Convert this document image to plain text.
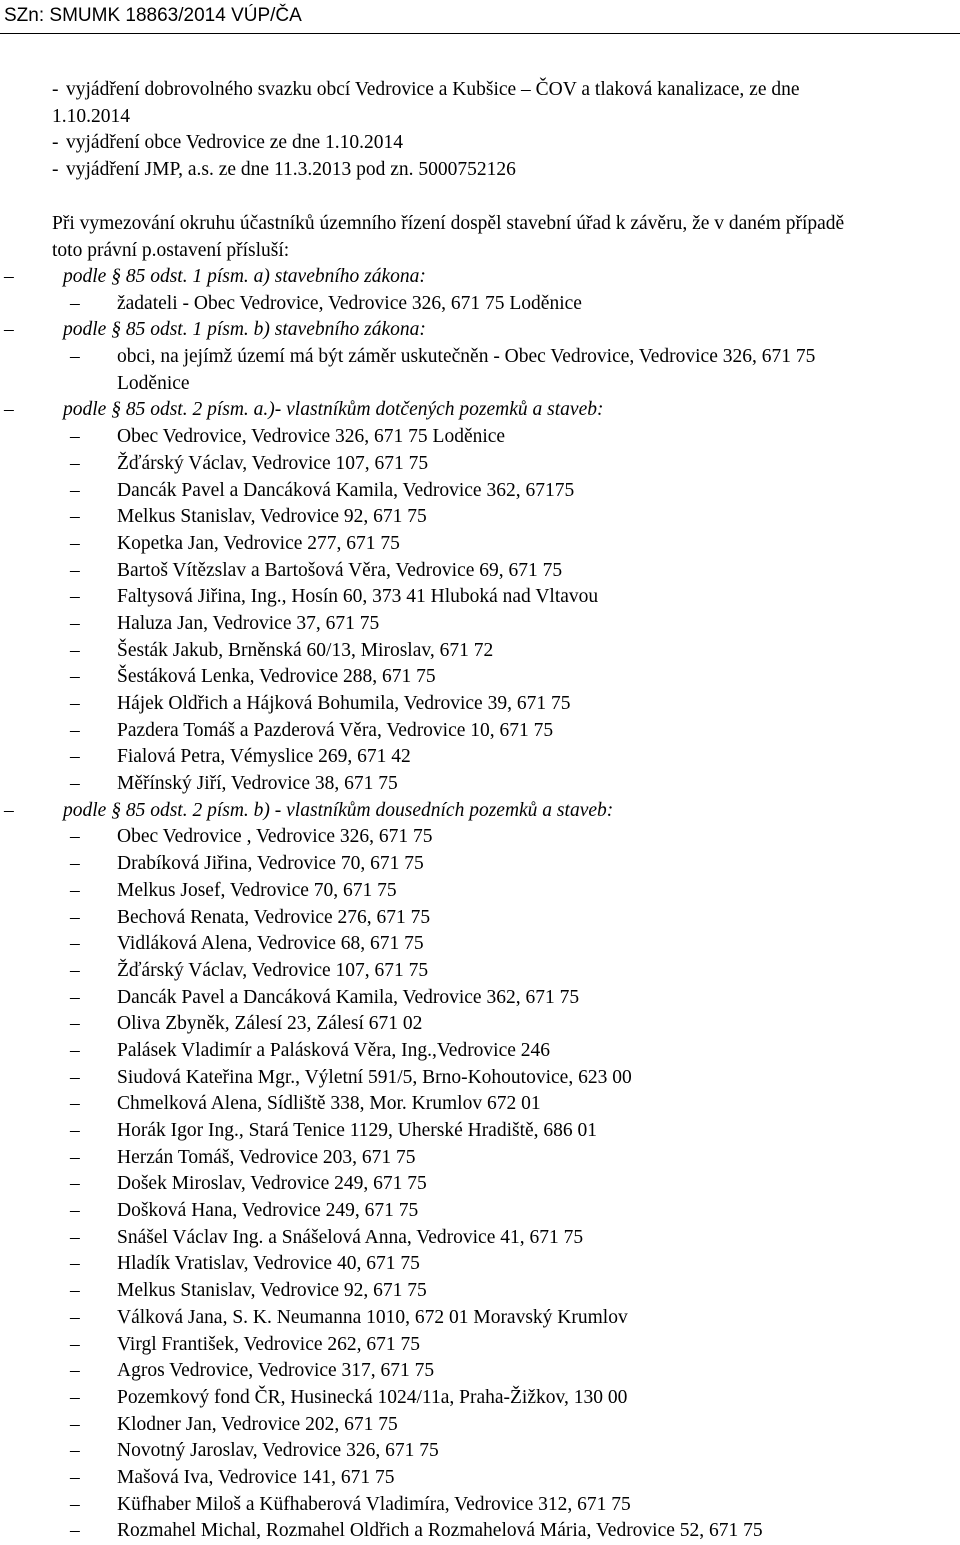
SZn: SMUMK 18863/2014 VÚP/ČA
- vyjádření dobrovolného svazku obcí Vedrovice a Kubšice – ČOV a tlaková kanalizace, ze dne
1.10.2014
- vyjádření obce Vedrovice ze dne 1.10.2014
- vyjádření JMP, a.s. ze dne 11.3.2013 pod zn. 5000752126
Při vymezování okruhu účastníků územního řízení dospěl stavební úřad k závěru, že v daném případě
toto právní p.ostavení přísluší:
–	podle § 85 odst. 1 písm. a) stavebního zákona:
– žadateli - Obec Vedrovice, Vedrovice 326, 671 75 Loděnice
–	podle § 85 odst. 1 písm. b) stavebního zákona:
– obci, na jejímž území má být záměr uskutečněn - Obec Vedrovice, Vedrovice 326, 671 75
Loděnice
–	podle § 85 odst. 2 písm. a.)- vlastníkům dotčených pozemků a staveb:
– Obec Vedrovice, Vedrovice 326, 671 75 Loděnice
– Žďárský Václav, Vedrovice 107, 671 75
– Dancák Pavel a Dancáková Kamila, Vedrovice 362, 67175
– Melkus Stanislav, Vedrovice 92, 671 75
– Kopetka Jan, Vedrovice 277, 671 75
– Bartoš Vítězslav a Bartošová Věra, Vedrovice 69, 671 75
– Faltysová Jiřina, Ing., Hosín 60, 373 41 Hluboká nad Vltavou
– Haluza Jan, Vedrovice 37, 671 75
– Šesták Jakub, Brněnská 60/13, Miroslav, 671 72
– Šestáková Lenka, Vedrovice 288, 671 75
– Hájek Oldřich a Hájková Bohumila, Vedrovice 39, 671 75
– Pazdera Tomáš a Pazderová Věra, Vedrovice 10, 671 75
– Fialová Petra, Vémyslice 269, 671 42
– Měřínský Jiří, Vedrovice 38, 671 75
–	podle § 85 odst. 2 písm. b) - vlastníkům dousedních pozemků a staveb:
– Obec Vedrovice , Vedrovice 326, 671 75
– Drabíková Jiřina, Vedrovice 70, 671 75
– Melkus Josef, Vedrovice 70, 671 75
– Bechová Renata, Vedrovice 276, 671 75
– Vidláková Alena, Vedrovice 68, 671 75
– Žďárský Václav, Vedrovice 107, 671 75
– Dancák Pavel a Dancáková Kamila, Vedrovice 362, 671 75
– Oliva Zbyněk, Zálesí 23, Zálesí 671 02
– Palásek Vladimír a Palásková Věra, Ing.,Vedrovice 246
– Siudová Kateřina Mgr., Výletní 591/5, Brno-Kohoutovice, 623 00
– Chmelková Alena, Sídliště 338, Mor. Krumlov 672 01
– Horák Igor Ing., Stará Tenice 1129, Uherské Hradiště, 686 01
– Herzán Tomáš, Vedrovice 203, 671 75
– Došek Miroslav, Vedrovice 249, 671 75
– Došková Hana, Vedrovice 249, 671 75
– Snášel Václav Ing. a Snášelová Anna, Vedrovice 41, 671 75
– Hladík Vratislav, Vedrovice 40, 671 75
– Melkus Stanislav, Vedrovice 92, 671 75
– Válková Jana, S. K. Neumanna 1010, 672 01 Moravský Krumlov
– Virgl František, Vedrovice 262, 671 75
– Agros Vedrovice, Vedrovice 317, 671 75
– Pozemkový fond ČR, Husinecká 1024/11a, Praha-Žižkov, 130 00
– Klodner Jan, Vedrovice 202, 671 75
– Novotný Jaroslav, Vedrovice 326, 671 75
– Mašová Iva, Vedrovice 141, 671 75
– Küfhaber Miloš a Küfhaberová Vladimíra, Vedrovice 312, 671 75
– Rozmahel Michal, Rozmahel Oldřich a Rozmahelová Mária, Vedrovice 52, 671 75
